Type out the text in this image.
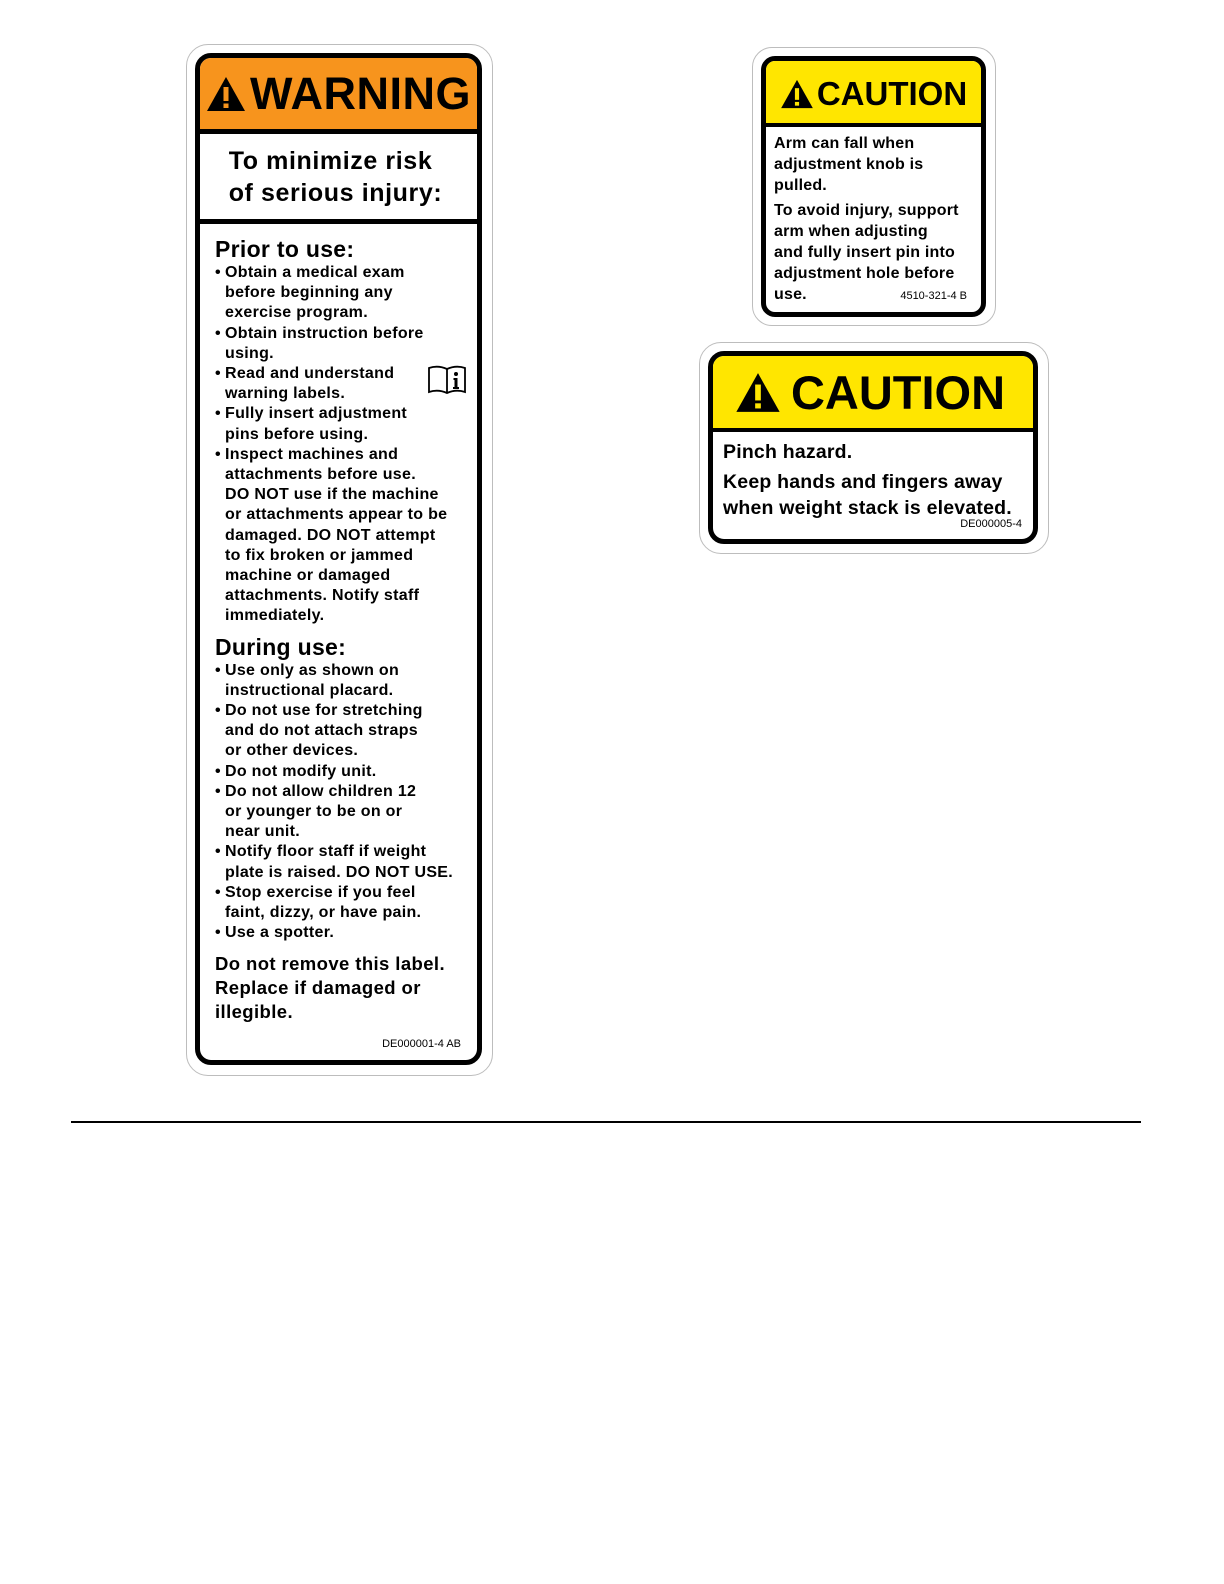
WARNING
To minimize risk
of serious injury:
Prior to use:
• Obtain a medical exam
before beginning any
exercise program.
• Obtain instruction before
using.
• Read and understand
warning labels.
• Fully insert adjustment
pins before using.
• Inspect machines and
attachments before use.
DO NOT use if the machine
or attachments appear to be
damaged. DO NOT attempt
to fix broken or jammed
machine or damaged
attachments. Notify staff
immediately.
During use:
• Use only as shown on
instructional placard.
• Do not use for stretching
and do not attach straps
or other devices.
• Do not modify unit.
• Do not allow children 12
or younger to be on or
near unit.
• Notify floor staff if weight
plate is raised. DO NOT USE.
• Stop exercise if you feel
faint, dizzy, or have pain.
• Use a spotter.
Do not remove this label.
Replace if damaged or
illegible.
DE000001-4 AB
CAUTION
Arm can fall when
adjustment knob is
pulled.
To avoid injury, support
arm when adjusting
and fully insert pin into
adjustment hole before
use.	4510-321-4 B
CAUTION
Pinch hazard.
Keep hands and fingers away
when weight stack is elevated.
DE000005-4
